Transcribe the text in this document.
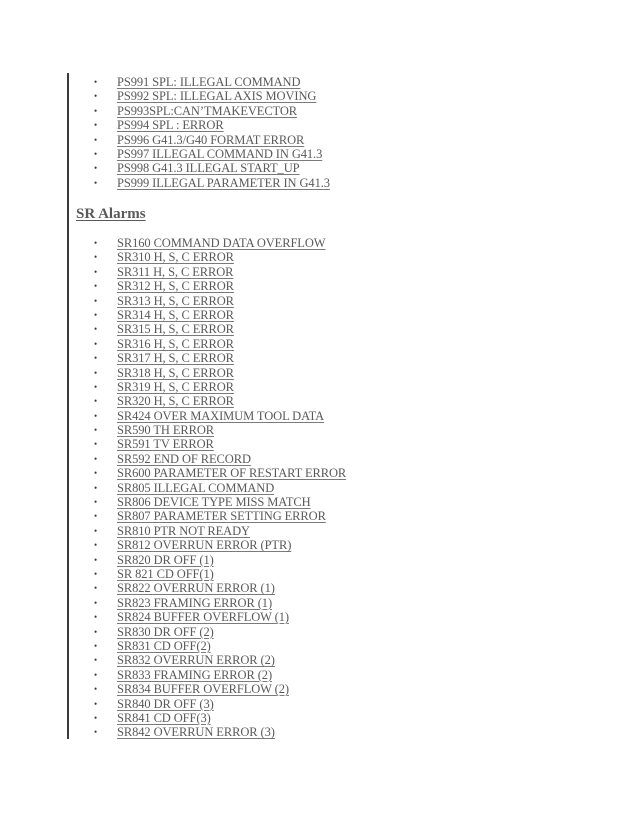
•	PS991 SPL: ILLEGAL COMMAND
•	PS992 SPL: ILLEGAL AXIS MOVING
•	PS993SPL:CAN’TMAKEVECTOR
•	PS994 SPL : ERROR
•	PS996 G41.3/G40 FORMAT ERROR
•	PS997 ILLEGAL COMMAND IN G41.3
•	PS998 G41.3 ILLEGAL START_UP
•	PS999 ILLEGAL PARAMETER IN G41.3
SR Alarms
•	SR160 COMMAND DATA OVERFLOW
•	SR310 H, S, C ERROR
•	SR311 H, S, C ERROR
•	SR312 H, S, C ERROR
•	SR313 H, S, C ERROR
•	SR314 H, S, C ERROR
•	SR315 H, S, C ERROR
•	SR316 H, S, C ERROR
•	SR317 H, S, C ERROR
•	SR318 H, S, C ERROR
•	SR319 H, S, C ERROR
•	SR320 H, S, C ERROR
•	SR424 OVER MAXIMUM TOOL DATA
•	SR590 TH ERROR
•	SR591 TV ERROR
•	SR592 END OF RECORD
•	SR600 PARAMETER OF RESTART ERROR
•	SR805 ILLEGAL COMMAND
•	SR806 DEVICE TYPE MISS MATCH
•	SR807 PARAMETER SETTING ERROR
•	SR810 PTR NOT READY
•	SR812 OVERRUN ERROR (PTR)
•	SR820 DR OFF (1)
•	SR 821 CD OFF(1)
•	SR822 OVERRUN ERROR (1)
•	SR823 FRAMING ERROR (1)
•	SR824 BUFFER OVERFLOW (1)
•	SR830 DR OFF (2)
•	SR831 CD OFF(2)
•	SR832 OVERRUN ERROR (2)
•	SR833 FRAMING ERROR (2)
•	SR834 BUFFER OVERFLOW (2)
•	SR840 DR OFF (3)
•	SR841 CD OFF(3)
•	SR842 OVERRUN ERROR (3)
